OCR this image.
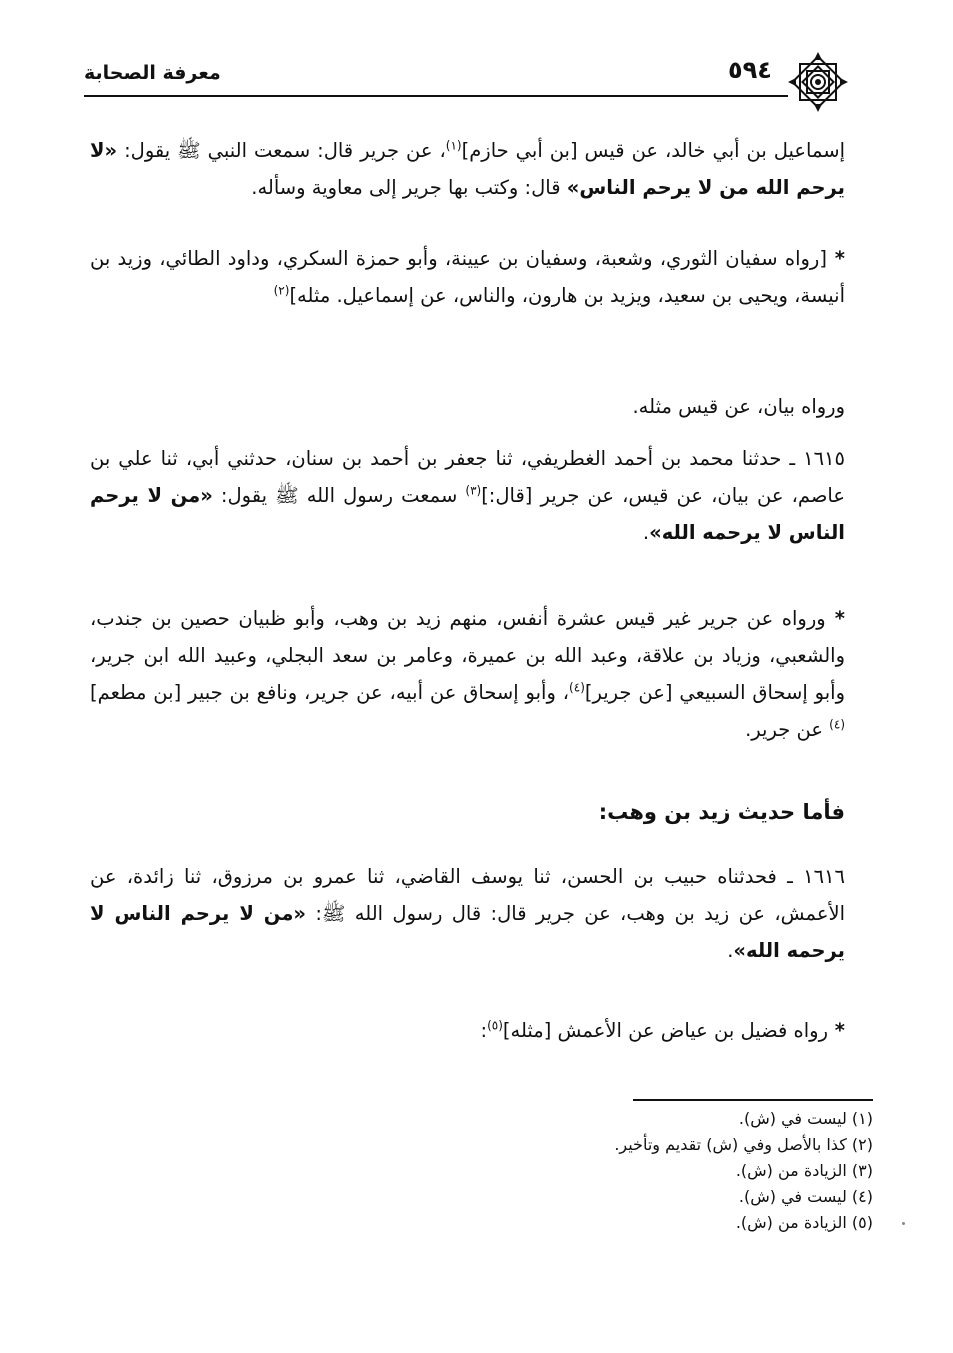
٥٩٤
معرفة الصحابة
إسماعيل بن أبي خالد، عن قيس [بن أبي حازم]$^{(١)}$، عن جرير قال: سمعت النبي ﷺ يقول: «لا يرحم الله من لا يرحم الناس» قال: وكتب بها جرير إلى معاوية وسأله.
* [رواه سفيان الثوري، وشعبة، وسفيان بن عيينة، وأبو حمزة السكري، وداود الطائي، وزيد بن أنيسة، ويحيى بن سعيد، ويزيد بن هارون، والناس، عن إسماعيل. مثله]$^{(٢)}$
ورواه بيان، عن قيس مثله.
١٦١٥ ـ حدثنا محمد بن أحمد الغطريفي، ثنا جعفر بن أحمد بن سنان، حدثني أبي، ثنا علي بن عاصم، عن بيان، عن قيس، عن جرير [قال:]$^{(٣)}$ سمعت رسول الله ﷺ يقول: «من لا يرحم الناس لا يرحمه الله».
* ورواه عن جرير غير قيس عشرة أنفس، منهم زيد بن وهب، وأبو ظبيان حصين بن جندب، والشعبي، وزياد بن علاقة، وعبد الله بن عميرة، وعامر بن سعد البجلي، وعبيد الله ابن جرير، وأبو إسحاق السبيعي [عن جرير]$^{(٤)}$، وأبو إسحاق عن أبيه، عن جرير، ونافع بن جبير [بن مطعم]$^{(٤)}$ عن جرير.
فأما حديث زيد بن وهب:
١٦١٦ ـ فحدثناه حبيب بن الحسن، ثنا يوسف القاضي، ثنا عمرو بن مرزوق، ثنا زائدة، عن الأعمش، عن زيد بن وهب، عن جرير قال: قال رسول الله ﷺ: «من لا يرحم الناس لا يرحمه الله».
* رواه فضيل بن عياض عن الأعمش [مثله]$^{(٥)}$:
(١) ليست في (ش).
(٢) كذا بالأصل وفي (ش) تقديم وتأخير.
(٣) الزيادة من (ش).
(٤) ليست في (ش).
(٥) الزيادة من (ش).
